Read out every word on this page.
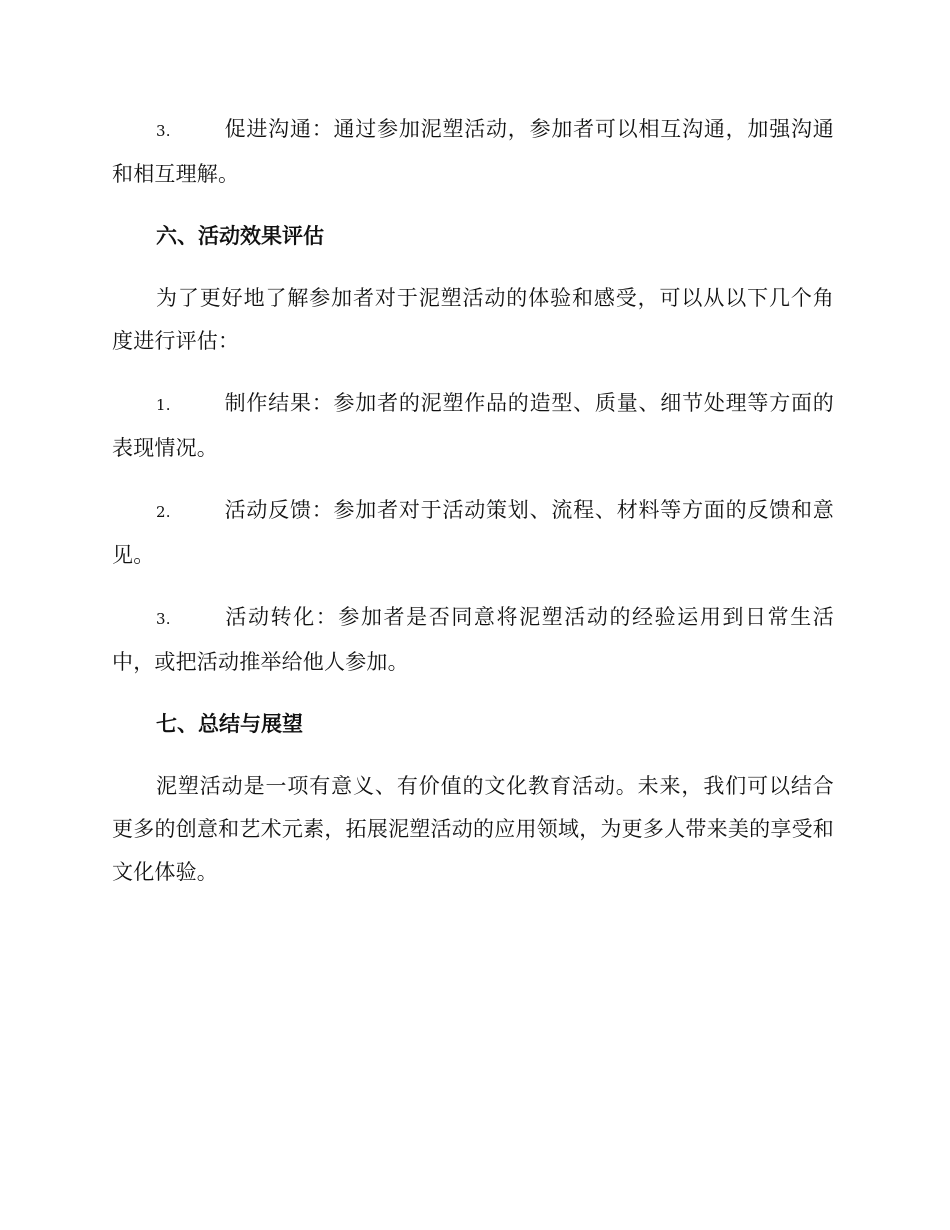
3.	促进沟通：通过参加泥塑活动，参加者可以相互沟通，加强沟通和相互理解。

六、活动效果评估

为了更好地了解参加者对于泥塑活动的体验和感受，可以从以下几个角度进行评估：

1.	制作结果：参加者的泥塑作品的造型、质量、细节处理等方面的表现情况。

2.	活动反馈：参加者对于活动策划、流程、材料等方面的反馈和意见。

3.	活动转化：参加者是否同意将泥塑活动的经验运用到日常生活中，或把活动推举给他人参加。

七、总结与展望

泥塑活动是一项有意义、有价值的文化教育活动。未来，我们可以结合更多的创意和艺术元素，拓展泥塑活动的应用领域，为更多人带来美的享受和文化体验。
